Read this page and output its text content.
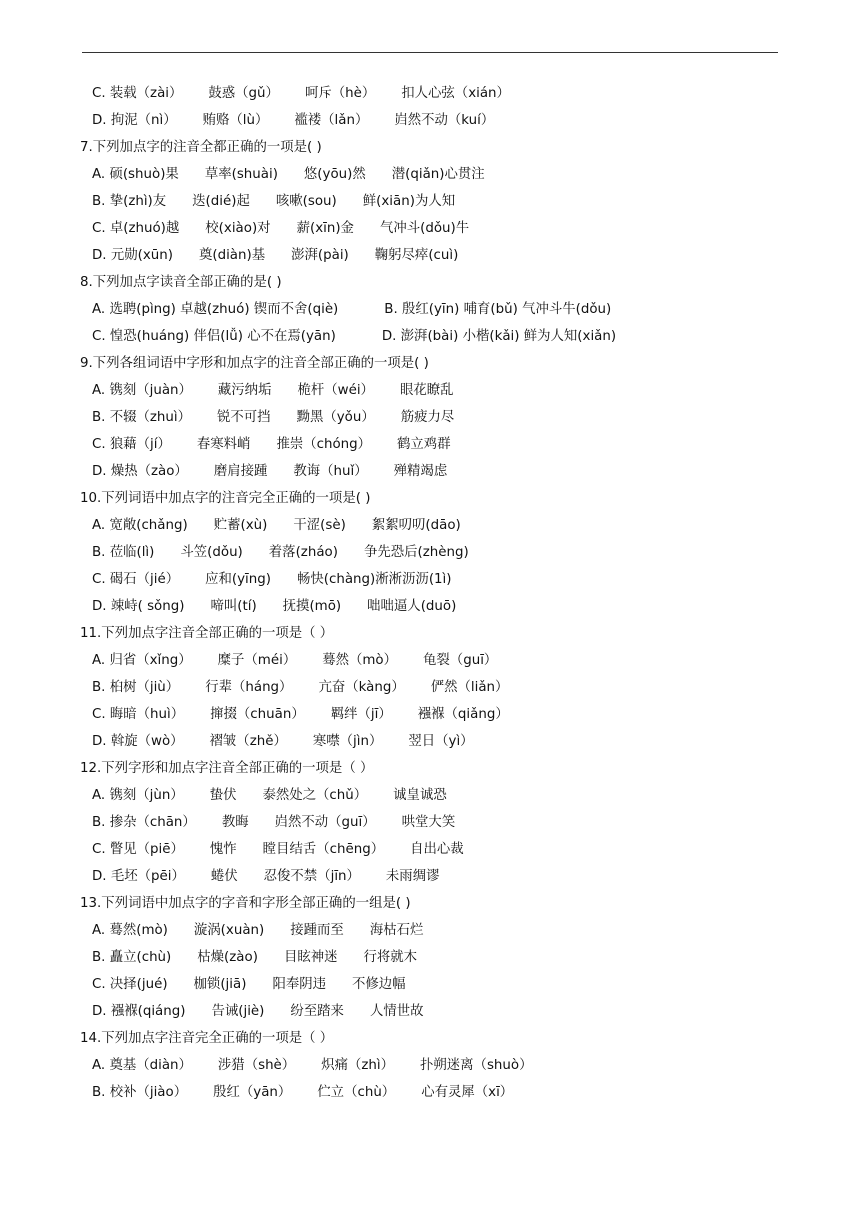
C. 装载（zài） 鼓惑（gǔ） 呵斥（hè） 扣人心弦（xián）
D. 拘泥（nì） 贿赂（lù） 褴褛（lǎn） 岿然不动（kuí）
7.下列加点字的注音全都正确的一项是( )
A. 硕(shuò)果 草率(shuài) 悠(yōu)然 潜(qiǎn)心贯注
B. 挚(zhì)友 迭(dié)起 咳嗽(sou) 鲜(xiān)为人知
C. 卓(zhuó)越 校(xiào)对 薪(xīn)金 气冲斗(dǒu)牛
D. 元勋(xūn) 奠(diàn)基 澎湃(pài) 鞠躬尽瘁(cuì)
8.下列加点字读音全部正确的是( )
A. 选聘(pìng) 卓越(zhuó) 锲而不舍(qiè)	B. 殷红(yīn) 哺育(bǔ) 气冲斗牛(dǒu)
C. 惶恐(huáng) 伴侣(lǚ) 心不在焉(yān)	D. 澎湃(bài) 小楷(kǎi) 鲜为人知(xiǎn)
9.下列各组词语中字形和加点字的注音全部正确的一项是( )
A. 镌刻（juàn） 藏污纳垢 桅杆（wéi） 眼花瞭乱
B. 不辍（zhuì） 锐不可挡 黝黑（yǒu） 筋疲力尽
C. 狼藉（jí） 春寒料峭 推崇（chóng） 鹤立鸡群
D. 燥热（zào） 磨肩接踵 教诲（huǐ） 殚精竭虑
10.下列词语中加点字的注音完全正确的一项是( )
A. 宽敞(chǎng) 贮蓄(xù) 干涩(sè) 絮絮叨叨(dāo)
B. 莅临(lì) 斗笠(dǒu) 着落(zháo) 争先恐后(zhèng)
C. 碣石（jié） 应和(yīng) 畅快(chàng)淅淅沥沥(1ì)
D. 竦峙( sǒng) 啼叫(tí) 抚摸(mō) 咄咄逼人(duō)
11.下列加点字注音全部正确的一项是（ ）
A. 归省（xǐng） 糜子（méi） 蓦然（mò） 龟裂（guī）
B. 桕树（jiù） 行辈（háng） 亢奋（kàng） 俨然（liǎn）
C. 晦暗（huì） 撺掇（chuān） 羁绊（jī） 襁褓（qiǎng）
D. 斡旋（wò） 褶皱（zhě） 寒噤（jìn） 翌日（yì）
12.下列字形和加点字注音全部正确的一项是（ ）
A. 镌刻（jùn） 蛰伏 泰然处之（chǔ） 诚皇诚恐
B. 掺杂（chān） 教晦 岿然不动（guī） 哄堂大笑
C. 瞥见（piē） 愧怍 瞠目结舌（chēng） 自出心裁
D. 毛坯（pēi） 蜷伏 忍俊不禁（jīn） 未雨绸谬
13.下列词语中加点字的字音和字形全部正确的一组是( )
A. 蓦然(mò) 漩涡(xuàn) 接踵而至 海枯石烂
B. 矗立(chù) 枯燥(zào) 目眩神迷 行将就木
C. 决择(jué) 枷锁(jiā) 阳奉阴违 不修边幅
D. 襁褓(qiáng) 告诫(jiè) 纷至踏来 人情世故
14.下列加点字注音完全正确的一项是（ ）
A. 奠基（diàn） 涉猎（shè） 炽痛（zhì） 扑朔迷离（shuò）
B. 校补（jiào） 殷红（yān） 伫立（chù） 心有灵犀（xī）
